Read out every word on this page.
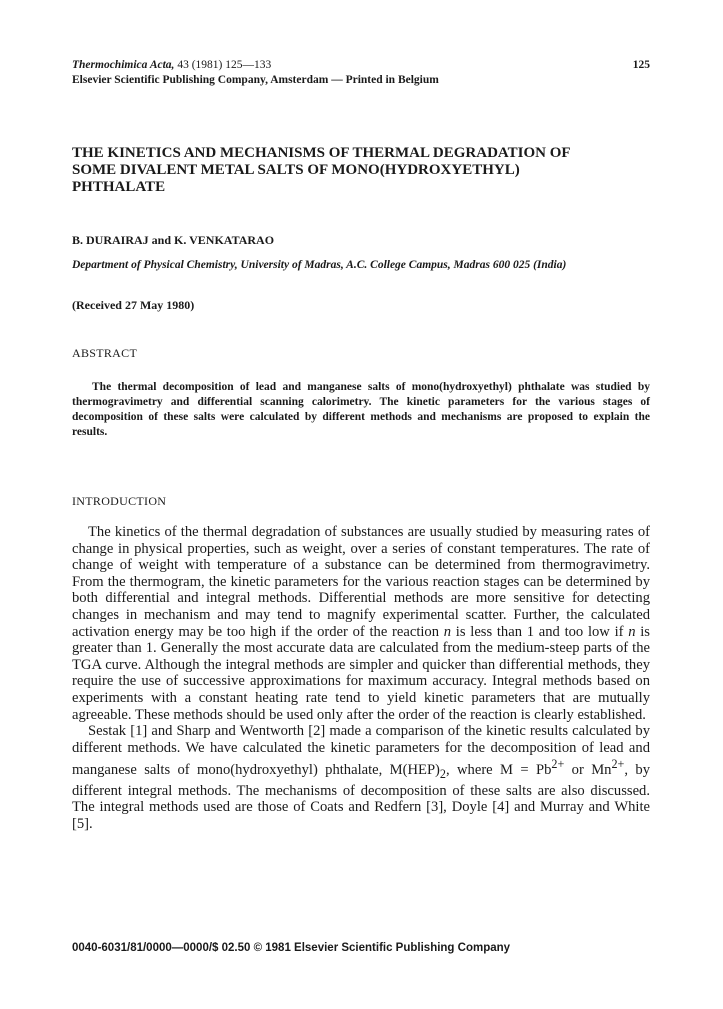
Thermochimica Acta, 43 (1981) 125—133	125
Elsevier Scientific Publishing Company, Amsterdam — Printed in Belgium
THE KINETICS AND MECHANISMS OF THERMAL DEGRADATION OF
SOME DIVALENT METAL SALTS OF MONO(HYDROXYETHYL)
PHTHALATE
B. DURAIRAJ and K. VENKATARAO
Department of Physical Chemistry, University of Madras, A.C. College Campus, Madras 600 025 (India)
(Received 27 May 1980)
ABSTRACT
The thermal decomposition of lead and manganese salts of mono(hydroxyethyl) phthalate was studied by thermogravimetry and differential scanning calorimetry. The kinetic parameters for the various stages of decomposition of these salts were calculated by different methods and mechanisms are proposed to explain the results.
INTRODUCTION

The kinetics of the thermal degradation of substances are usually studied by measuring rates of change in physical properties, such as weight, over a series of constant temperatures. The rate of change of weight with temperature of a substance can be determined from thermogravimetry. From the thermogram, the kinetic parameters for the various reaction stages can be determined by both differential and integral methods. Differential methods are more sensitive for detecting changes in mechanism and may tend to magnify experimental scatter. Further, the calculated activation energy may be too high if the order of the reaction n is less than 1 and too low if n is greater than 1. Generally the most accurate data are calculated from the medium-steep parts of the TGA curve. Although the integral methods are simpler and quicker than differential methods, they require the use of successive approximations for maximum accuracy. Integral methods based on experiments with a constant heating rate tend to yield kinetic parameters that are mutually agreeable. These methods should be used only after the order of the reaction is clearly established.

Sestak [1] and Sharp and Wentworth [2] made a comparison of the kinetic results calculated by different methods. We have calculated the kinetic parameters for the decomposition of lead and manganese salts of mono(hydroxyethyl) phthalate, $M(HEP)_2$, where $M = Pb^{2+}$ or $Mn^{2+}$, by different integral methods. The mechanisms of decomposition of these salts are also discussed. The integral methods used are those of Coats and Redfern [3], Doyle [4] and Murray and White [5].

0040-6031/81/0000—0000/$ 02.50 © 1981 Elsevier Scientific Publishing Company
